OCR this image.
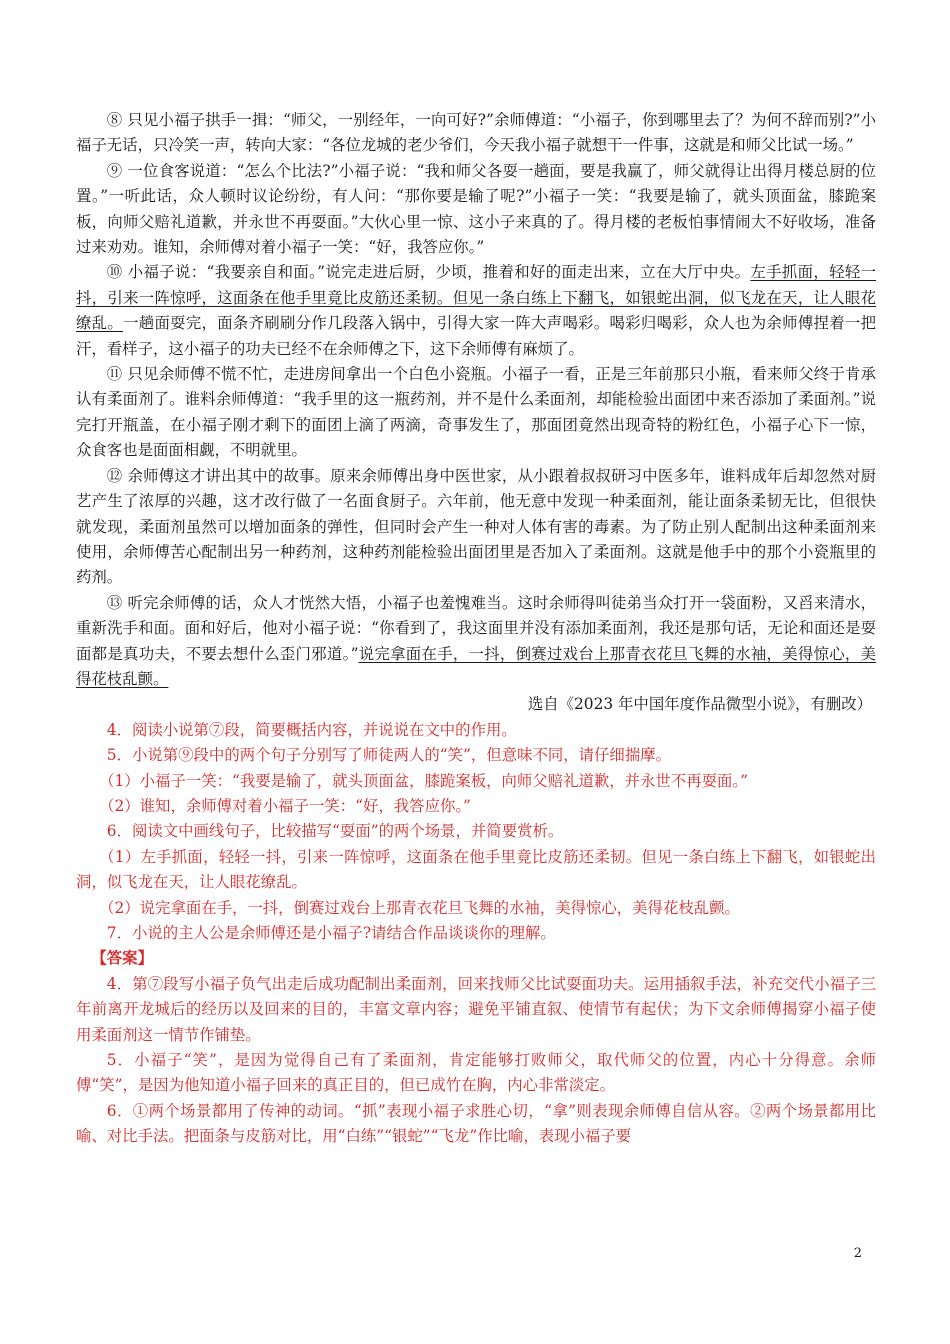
⑧ 只见小福子拱手一揖：“师父，一别经年，一向可好?”余师傅道：“小福子，你到哪里去了？为何不辞而别?”小福子无话，只冷笑一声，转向大家：“各位龙城的老少爷们，今天我小福子就想干一件事，这就是和师父比试一场。”

⑨ 一位食客说道：“怎么个比法?”小福子说：“我和师父各耍一趟面，要是我赢了，师父就得让出得月楼总厨的位置。”一听此话，众人顿时议论纷纷，有人问：“那你要是输了呢?”小福子一笑：“我要是输了，就头顶面盆，膝跪案板，向师父赔礼道歉，并永世不再耍面。”大伙心里一惊、这小子来真的了。得月楼的老板怕事情闹大不好收场，准备过来劝劝。谁知，余师傅对着小福子一笑：“好，我答应你。”

⑩ 小福子说：“我要亲自和面。”说完走进后厨，少顷，推着和好的面走出来，立在大厅中央。左手抓面，轻轻一抖，引来一阵惊呼，这面条在他手里竟比皮筋还柔韧。但见一条白练上下翻飞，如银蛇出洞，似飞龙在天，让人眼花缭乱。一趟面耍完，面条齐刷刷分作几段落入锅中，引得大家一阵大声喝彩。喝彩归喝彩，众人也为余师傅捏着一把汗，看样子，这小福子的功夫已经不在余师傅之下，这下余师傅有麻烦了。

⑪ 只见余师傅不慌不忙，走进房间拿出一个白色小瓷瓶。小福子一看，正是三年前那只小瓶，看来师父终于肯承认有柔面剂了。谁料余师傅道：“我手里的这一瓶药剂，并不是什么柔面剂，却能检验出面团中来否添加了柔面剂。”说完打开瓶盖，在小福子刚才剩下的面团上滴了两滴，奇事发生了，那面团竟然出现奇特的粉红色，小福子心下一惊，众食客也是面面相觑，不明就里。

⑫ 余师傅这才讲出其中的故事。原来余师傅出身中医世家，从小跟着叔叔研习中医多年，谁料成年后却忽然对厨艺产生了浓厚的兴趣，这才改行做了一名面食厨子。六年前，他无意中发现一种柔面剂，能让面条柔韧无比，但很快就发现，柔面剂虽然可以增加面条的弹性，但同时会产生一种对人体有害的毒素。为了防止别人配制出这种柔面剂来使用，余师傅苦心配制出另一种药剂，这种药剂能检验出面团里是否加入了柔面剂。这就是他手中的那个小瓷瓶里的药剂。

⑬ 听完余师傅的话，众人才恍然大悟，小福子也羞愧难当。这时余师得叫徒弟当众打开一袋面粉，又舀来清水，重新洗手和面。面和好后，他对小福子说：“你看到了，我这面里并没有添加柔面剂，我还是那句话，无论和面还是耍面都是真功夫，不要去想什么歪门邪道。”说完拿面在手，一抖，倒赛过戏台上那青衣花旦飞舞的水袖，美得惊心，美得花枝乱颤。

选自《2023 年中国年度作品微型小说》，有删改）

4．阅读小说第⑦段，简要概括内容，并说说在文中的作用。

5．小说第⑨段中的两个句子分别写了师徒两人的“笑”，但意味不同，请仔细揣摩。

（1）小福子一笑：“我要是输了，就头顶面盆，膝跪案板，向师父赔礼道歉，并永世不再耍面。”

（2）谁知，余师傅对着小福子一笑：“好，我答应你。”

6．阅读文中画线句子，比较描写“耍面”的两个场景，并简要赏析。

（1）左手抓面，轻轻一抖，引来一阵惊呼，这面条在他手里竟比皮筋还柔韧。但见一条白练上下翻飞，如银蛇出洞，似飞龙在天，让人眼花缭乱。

（2）说完拿面在手，一抖，倒赛过戏台上那青衣花旦飞舞的水袖，美得惊心，美得花枝乱颤。

7．小说的主人公是余师傅还是小福子?请结合作品谈谈你的理解。

【答案】

4．第⑦段写小福子负气出走后成功配制出柔面剂，回来找师父比试耍面功夫。运用插叙手法，补充交代小福子三年前离开龙城后的经历以及回来的目的，丰富文章内容；避免平铺直叙、使情节有起伏；为下文余师傅揭穿小福子使用柔面剂这一情节作铺垫。

5．小福子“笑”，是因为觉得自己有了柔面剂，肯定能够打败师父，取代师父的位置，内心十分得意。余师傅“笑”，是因为他知道小福子回来的真正目的，但已成竹在胸，内心非常淡定。

6．①两个场景都用了传神的动词。“抓”表现小福子求胜心切，“拿”则表现余师傅自信从容。②两个场景都用比喻、对比手法。把面条与皮筋对比，用“白练”“银蛇”“飞龙”作比喻，表现小福子要

2
